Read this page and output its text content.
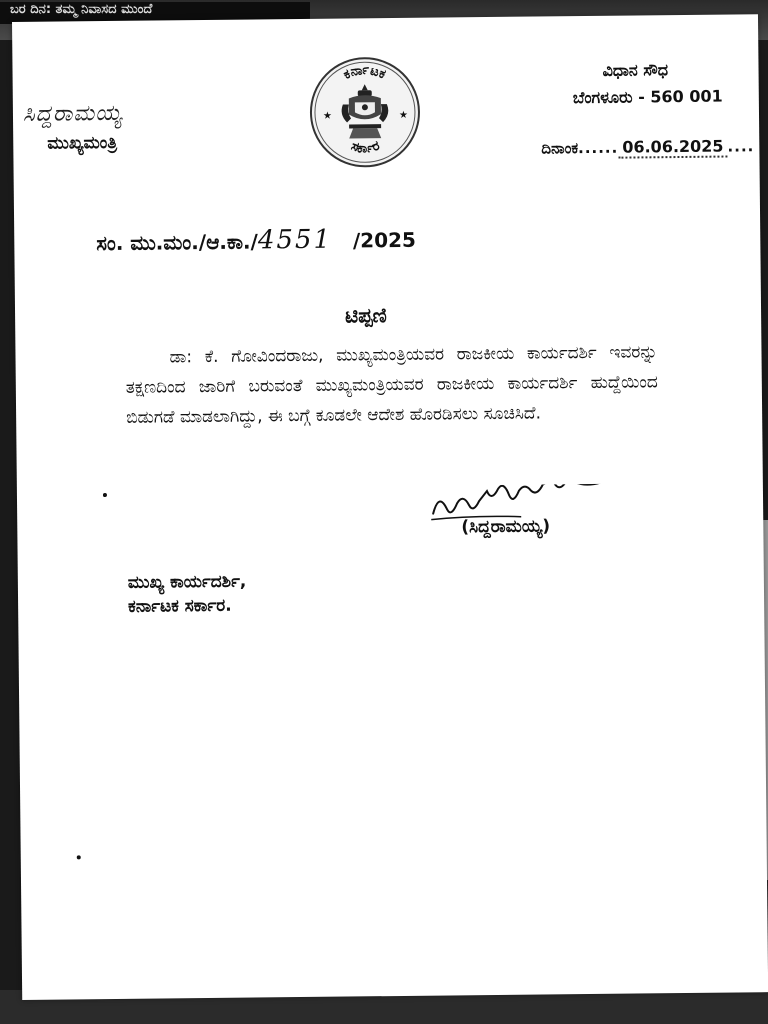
ಬರ ದಿನ: ತಮ್ಮ ನಿವಾಸದ ಮುಂದೆ
ಸಿದ್ದರಾಮಯ್ಯ
ಮುಖ್ಯಮಂತ್ರಿ
ಕರ್ನಾಟಕ
ಸರ್ಕಾರ
★	★
ವಿಧಾನ ಸೌಧ
ಬೆಂಗಳೂರು - 560 001
ದಿನಾಂಕ...... 06.06.2025 ....
ಸಂ. ಮು.ಮಂ./ಆ.ಕಾ./4551 /2025
ಟಿಪ್ಪಣಿ
ಡಾ: ಕೆ. ಗೋವಿಂದರಾಜು, ಮುಖ್ಯಮಂತ್ರಿಯವರ ರಾಜಕೀಯ ಕಾರ್ಯದರ್ಶಿ ಇವರನ್ನು ತಕ್ಷಣದಿಂದ ಜಾರಿಗೆ ಬರುವಂತೆ ಮುಖ್ಯಮಂತ್ರಿಯವರ ರಾಜಕೀಯ ಕಾರ್ಯದರ್ಶಿ ಹುದ್ದೆಯಿಂದ ಬಿಡುಗಡೆ ಮಾಡಲಾಗಿದ್ದು, ಈ ಬಗ್ಗೆ ಕೂಡಲೇ ಆದೇಶ ಹೊರಡಿಸಲು ಸೂಚಿಸಿದೆ.
(ಸಿದ್ದರಾಮಯ್ಯ)
ಮುಖ್ಯ ಕಾರ್ಯದರ್ಶಿ,
ಕರ್ನಾಟಕ ಸರ್ಕಾರ.
